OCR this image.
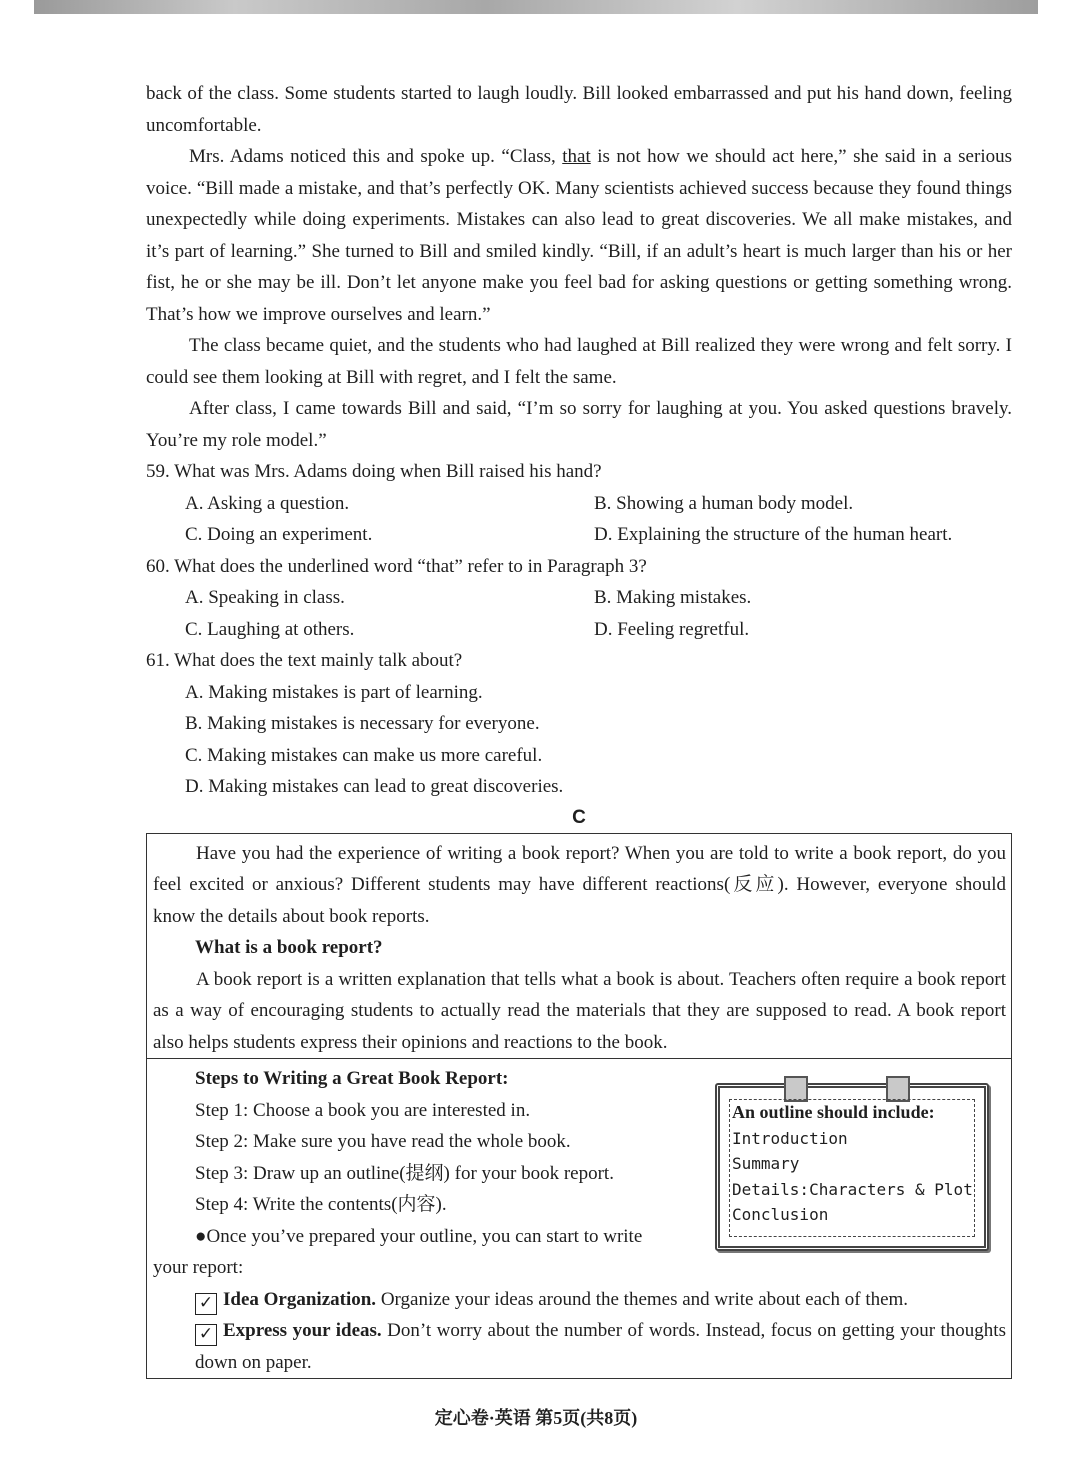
back of the class. Some students started to laugh loudly. Bill looked embarrassed and put his hand down, feeling uncomfortable.

Mrs. Adams noticed this and spoke up. “Class, that is not how we should act here,” she said in a serious voice. “Bill made a mistake, and that’s perfectly OK. Many scientists achieved success because they found things unexpectedly while doing experiments. Mistakes can also lead to great discoveries. We all make mistakes, and it’s part of learning.” She turned to Bill and smiled kindly. “Bill, if an adult’s heart is much larger than his or her fist, he or she may be ill. Don’t let anyone make you feel bad for asking questions or getting something wrong. That’s how we improve ourselves and learn.”

The class became quiet, and the students who had laughed at Bill realized they were wrong and felt sorry. I could see them looking at Bill with regret, and I felt the same.

After class, I came towards Bill and said, “I’m so sorry for laughing at you. You asked questions bravely. You’re my role model.”

59. What was Mrs. Adams doing when Bill raised his hand?

A. Asking a question.	B. Showing a human body model.

C. Doing an experiment.	D. Explaining the structure of the human heart.

60. What does the underlined word “that” refer to in Paragraph 3?

A. Speaking in class.	B. Making mistakes.

C. Laughing at others.	D. Feeling regretful.

61. What does the text mainly talk about?

A. Making mistakes is part of learning.

B. Making mistakes is necessary for everyone.

C. Making mistakes can make us more careful.

D. Making mistakes can lead to great discoveries.

C

Have you had the experience of writing a book report? When you are told to write a book report, do you feel excited or anxious? Different students may have different reactions(反应). However, everyone should know the details about book reports.

What is a book report?

A book report is a written explanation that tells what a book is about. Teachers often require a book report as a way of encouraging students to actually read the materials that they are supposed to read. A book report also helps students express their opinions and reactions to the book.

Steps to Writing a Great Book Report:

Step 1: Choose a book you are interested in.

Step 2: Make sure you have read the whole book.

Step 3: Draw up an outline(提纲) for your book report.

Step 4: Write the contents(内容).

●Once you’ve prepared your outline, you can start to write

your report:

✓ Idea Organization. Organize your ideas around the themes and write about each of them.

✓ Express your ideas. Don’t worry about the number of words. Instead, focus on getting your thoughts down on paper.

An outline should include:
Introduction
Summary
Details:Characters & Plot
Conclusion
定心卷·英语 第5页(共8页)
